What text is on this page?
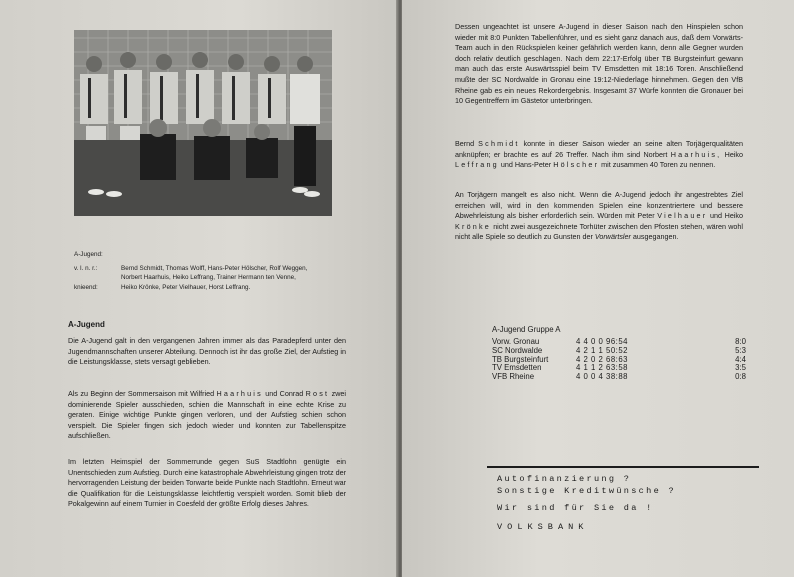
A-Jugend:
v. l. n. r.:	Bernd Schmidt, Thomas Wolff, Hans-Peter Hölscher, Rolf Weggen,
Norbert Haarhuis, Heiko Leffrang, Trainer Hermann ten Venne,
knieend:	Heiko Krönke, Peter Vielhauer, Horst Leffrang.
A-Jugend

Die A-Jugend galt in den vergangenen Jahren immer als das Paradepferd unter den Jugendmannschaften unserer Abteilung. Dennoch ist ihr das große Ziel, der Aufstieg in die Leistungsklasse, stets versagt geblieben.

Als zu Beginn der Sommersaison mit Wilfried Haarhuis und Conrad Rost zwei dominierende Spieler ausschieden, schien die Mannschaft in eine echte Krise zu geraten. Einige wichtige Punkte gingen verloren, und der Aufstieg schien schon verspielt. Die Spieler fingen sich jedoch wieder und konnten zur Tabellenspitze aufschließen.

Im letzten Heimspiel der Sommerrunde gegen SuS Stadtlohn genügte ein Unentschieden zum Aufstieg. Durch eine katastrophale Abwehrleistung gingen trotz der hervorragenden Leistung der beiden Torwarte beide Punkte nach Stadtlohn. Erneut war die Qualifikation für die Leistungsklasse leichtfertig verspielt worden. Somit blieb der Pokalgewinn auf einem Turnier in Coesfeld der größte Erfolg dieses Jahres.

Dessen ungeachtet ist unsere A-Jugend in dieser Saison nach den Hinspielen schon wieder mit 8:0 Punkten Tabellenführer, und es sieht ganz danach aus, daß dem Vorwärts-Team auch in den Rückspielen keiner gefährlich werden kann, denn alle Gegner wurden doch relativ deutlich geschlagen. Nach dem 22:17-Erfolg über TB Burgsteinfurt gewann man auch das erste Auswärtsspiel beim TV Emsdetten mit 18:16 Toren. Anschließend mußte der SC Nordwalde in Gronau eine 19:12-Niederlage hinnehmen. Gegen den VfB Rheine gab es ein neues Rekordergebnis. Insgesamt 37 Würfe konnten die Gronauer bei 10 Gegentreffern im Gästetor unterbringen.

Bernd Schmidt konnte in dieser Saison wieder an seine alten Torjägerqualitäten anknüpfen; er brachte es auf 26 Treffer. Nach ihm sind Norbert Haarhuis, Heiko Leffrang und Hans-Peter Hölscher mit zusammen 40 Toren zu nennen.

An Torjägern mangelt es also nicht. Wenn die A-Jugend jedoch ihr angestrebtes Ziel erreichen will, wird in den kommenden Spielen eine konzentriertere und bessere Abwehrleistung als bisher erforderlich sein. Würden mit Peter Vielhauer und Heiko Krönke nicht zwei ausgezeichnete Torhüter zwischen den Pfosten stehen, wären wohl nicht alle Spiele so deutlich zu Gunsten der Vorwärtsler ausgegangen.

A-Jugend Gruppe A
Vorw. Gronau	4 4 0 0 96:54	8:0
SC Nordwalde	4 2 1 1 50:52	5:3
TB Burgsteinfurt	4 2 0 2 68:63	4:4
TV Emsdetten	4 1 1 2 63:58	3:5
VFB Rheine	4 0 0 4 38:88	0:8
Autofinanzierung ?
Sonstige Kreditwünsche ?
Wir sind für Sie da !
VOLKSBANK
